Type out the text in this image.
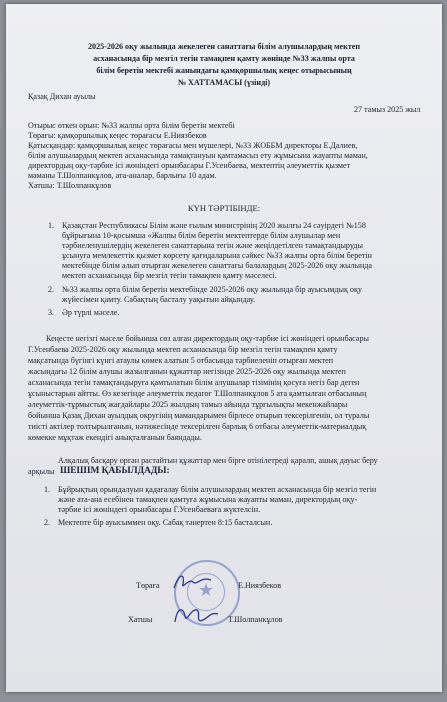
2025-2026 оқу жылында жекелеген санаттағы білім алушылардың мектеп
асханасында бір мезгіл тегін тамақпен қамту жөнінде №33 жалпы орта
білім беретін мектебі жанындағы қамқоршылық кеңес отырысының
№ ХАТТАМАСЫ (үзінді)
Қазақ Дихан ауылы
27 тамыз 2025 жыл
Отырыс өткен орын: №33 жалпы орта білім беретін мектебі
Төрағы: қамқоршылық кеңес төрағасы Е.Ниязбеков
Қатысқандар: қамқоршылық кеңес төрағасы мен мүшелері, №33 ЖОББМ директоры Е.Далиев,
білім алушылардың мектеп асханасында тамақтануын қамтамасыз ету жұмысына жауапты маман,
директордың оқу-тәрбие ісі жөніндегі орынбасары Г.Усенбаева, мектептің әлеуметтік қызмет
маманы Т.Шолпанкұлов, ата-аналар, барлығы 10 адам.
Хатшы: Т.Шолпанкұлов
КҮН ТӘРТІБІНДЕ:
1. Қазақстан Республикасы Білім және ғылым министрінің 2020 жылғы 24 сәуірдегі №158
бұйрығына 10-қосымша «Жалпы білім беретін мектептерде білім алушылар мен
тәрбиеленушілердің жекелеген санаттарына тегін және жеңілдетілген тамақтандыруды
ұсынуға мемлекеттік қызмет көрсету қағидаларына сәйкес №33 жалпы орта білім беретін
мектебінде білім алып отырған жекелеген санаттағы балалардың 2025-2026 оқу жылында
мектеп асханасында бір мезгіл тегін тамақпен қамту мәселесі.
2. №33 жалпы орта білім беретін мектебінде 2025-2026 оқу жылында бір ауысымдық оқу
жүйесімен қамту. Сабақтың басталу уақытын айқындау.
3. Әр түрлі мәселе.
Кеңесте негізгі мәселе бойынша сөз алған директордың оқу-тәрбие ісі жөніндегі орынбасары
Г.Усенбаева 2025-2026 оқу жылында мектеп асханасында бір мезгіл тегін тамақпен қамту
мақсатында бүгінгі күнгі атаулы көмек алатын 5 отбасында тәрбиеленіп отырған мектеп
жасындағы 12 білім алушы жазылғанын құжаттар негізінде 2025-2026 оқу жылында мектеп
асханасында тегін тамақтандыруға қамтылатын білім алушылар тізімінің қосуға негіз бар деген
ұсыныстарын айтты. Өз кезегінде әлеуметтік педагог Т.Шолпанкұлов 5 ата қамтылған отбасының
әлеуметтік-тұрмыстық жағдайлары 2025 жылдың тамыз айында тұрғылықты мекенжайлары
бойынша Қазақ Дихан ауылдық округінің мамандарымен бірлесе отырып тексерілгенін, ол туралы
тиісті актілер толтырылғанын, нәтижесінде тексерілген барлық 6 отбасы әлеуметтік-материалдық
көмекке мұқтаж екендігі анықталғанын баяндады.
Алқалық басқару орган растайтын құжаттар мен бірге отінілетреді қаралп, ашық дауыс беру
арқылы ШЕШІМ ҚАБЫЛДАДЫ:
1. Бұйрықтың орындалуын қадағалау білім алушылардың мектеп асханасында бір мезгіл тегін
және ата-ана есебінен тамақпен қамтуға жұмысына жауапты маман, директордың оқу-
тәрбие ісі жөніндегі орынбасары Г.Усенбаеваға жүктелсін.
2. Мектепте бір ауысыммен оқу. Сабақ тәнертен 8:15 басталсын.
★
Төрағa	Е.Ниязбеков
Хатшы	Т.Шолпанкұлов
